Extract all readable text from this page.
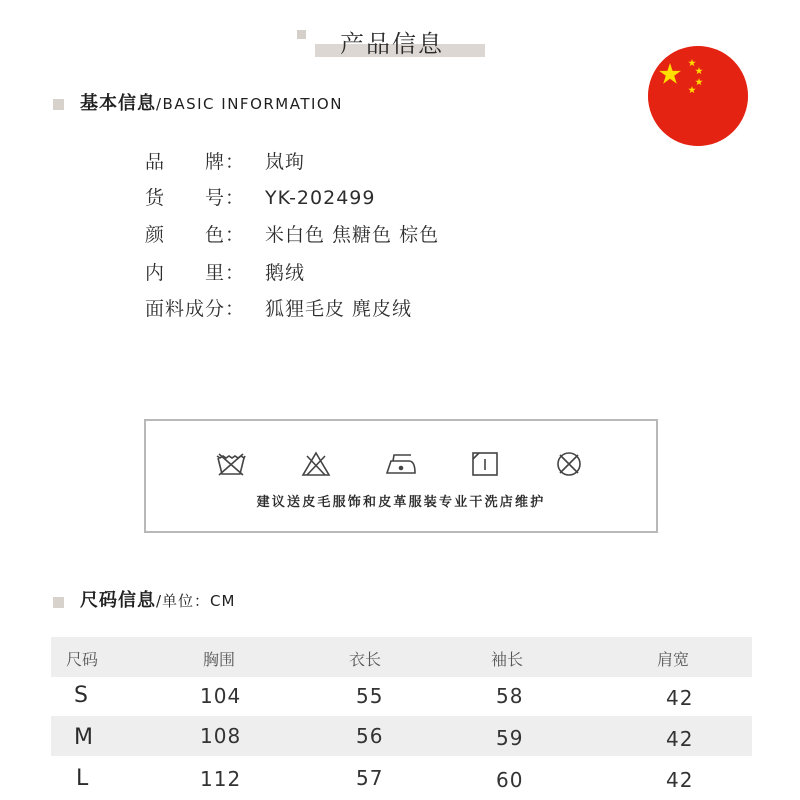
产品信息
基本信息/BASIC INFORMATION
品　　牌： 岚珣
货　　号： YK-202499
颜　　色： 米白色 焦糖色 棕色
内　　里： 鹅绒
面料成分： 狐狸毛皮 麂皮绒
建议送皮毛服饰和皮革服装专业干洗店维护
尺码信息/单位：CM
尺码	胸围	衣长	袖长	肩宽
S	104	55	58	42
M	108	56	59	42
L	112	57	60	42
